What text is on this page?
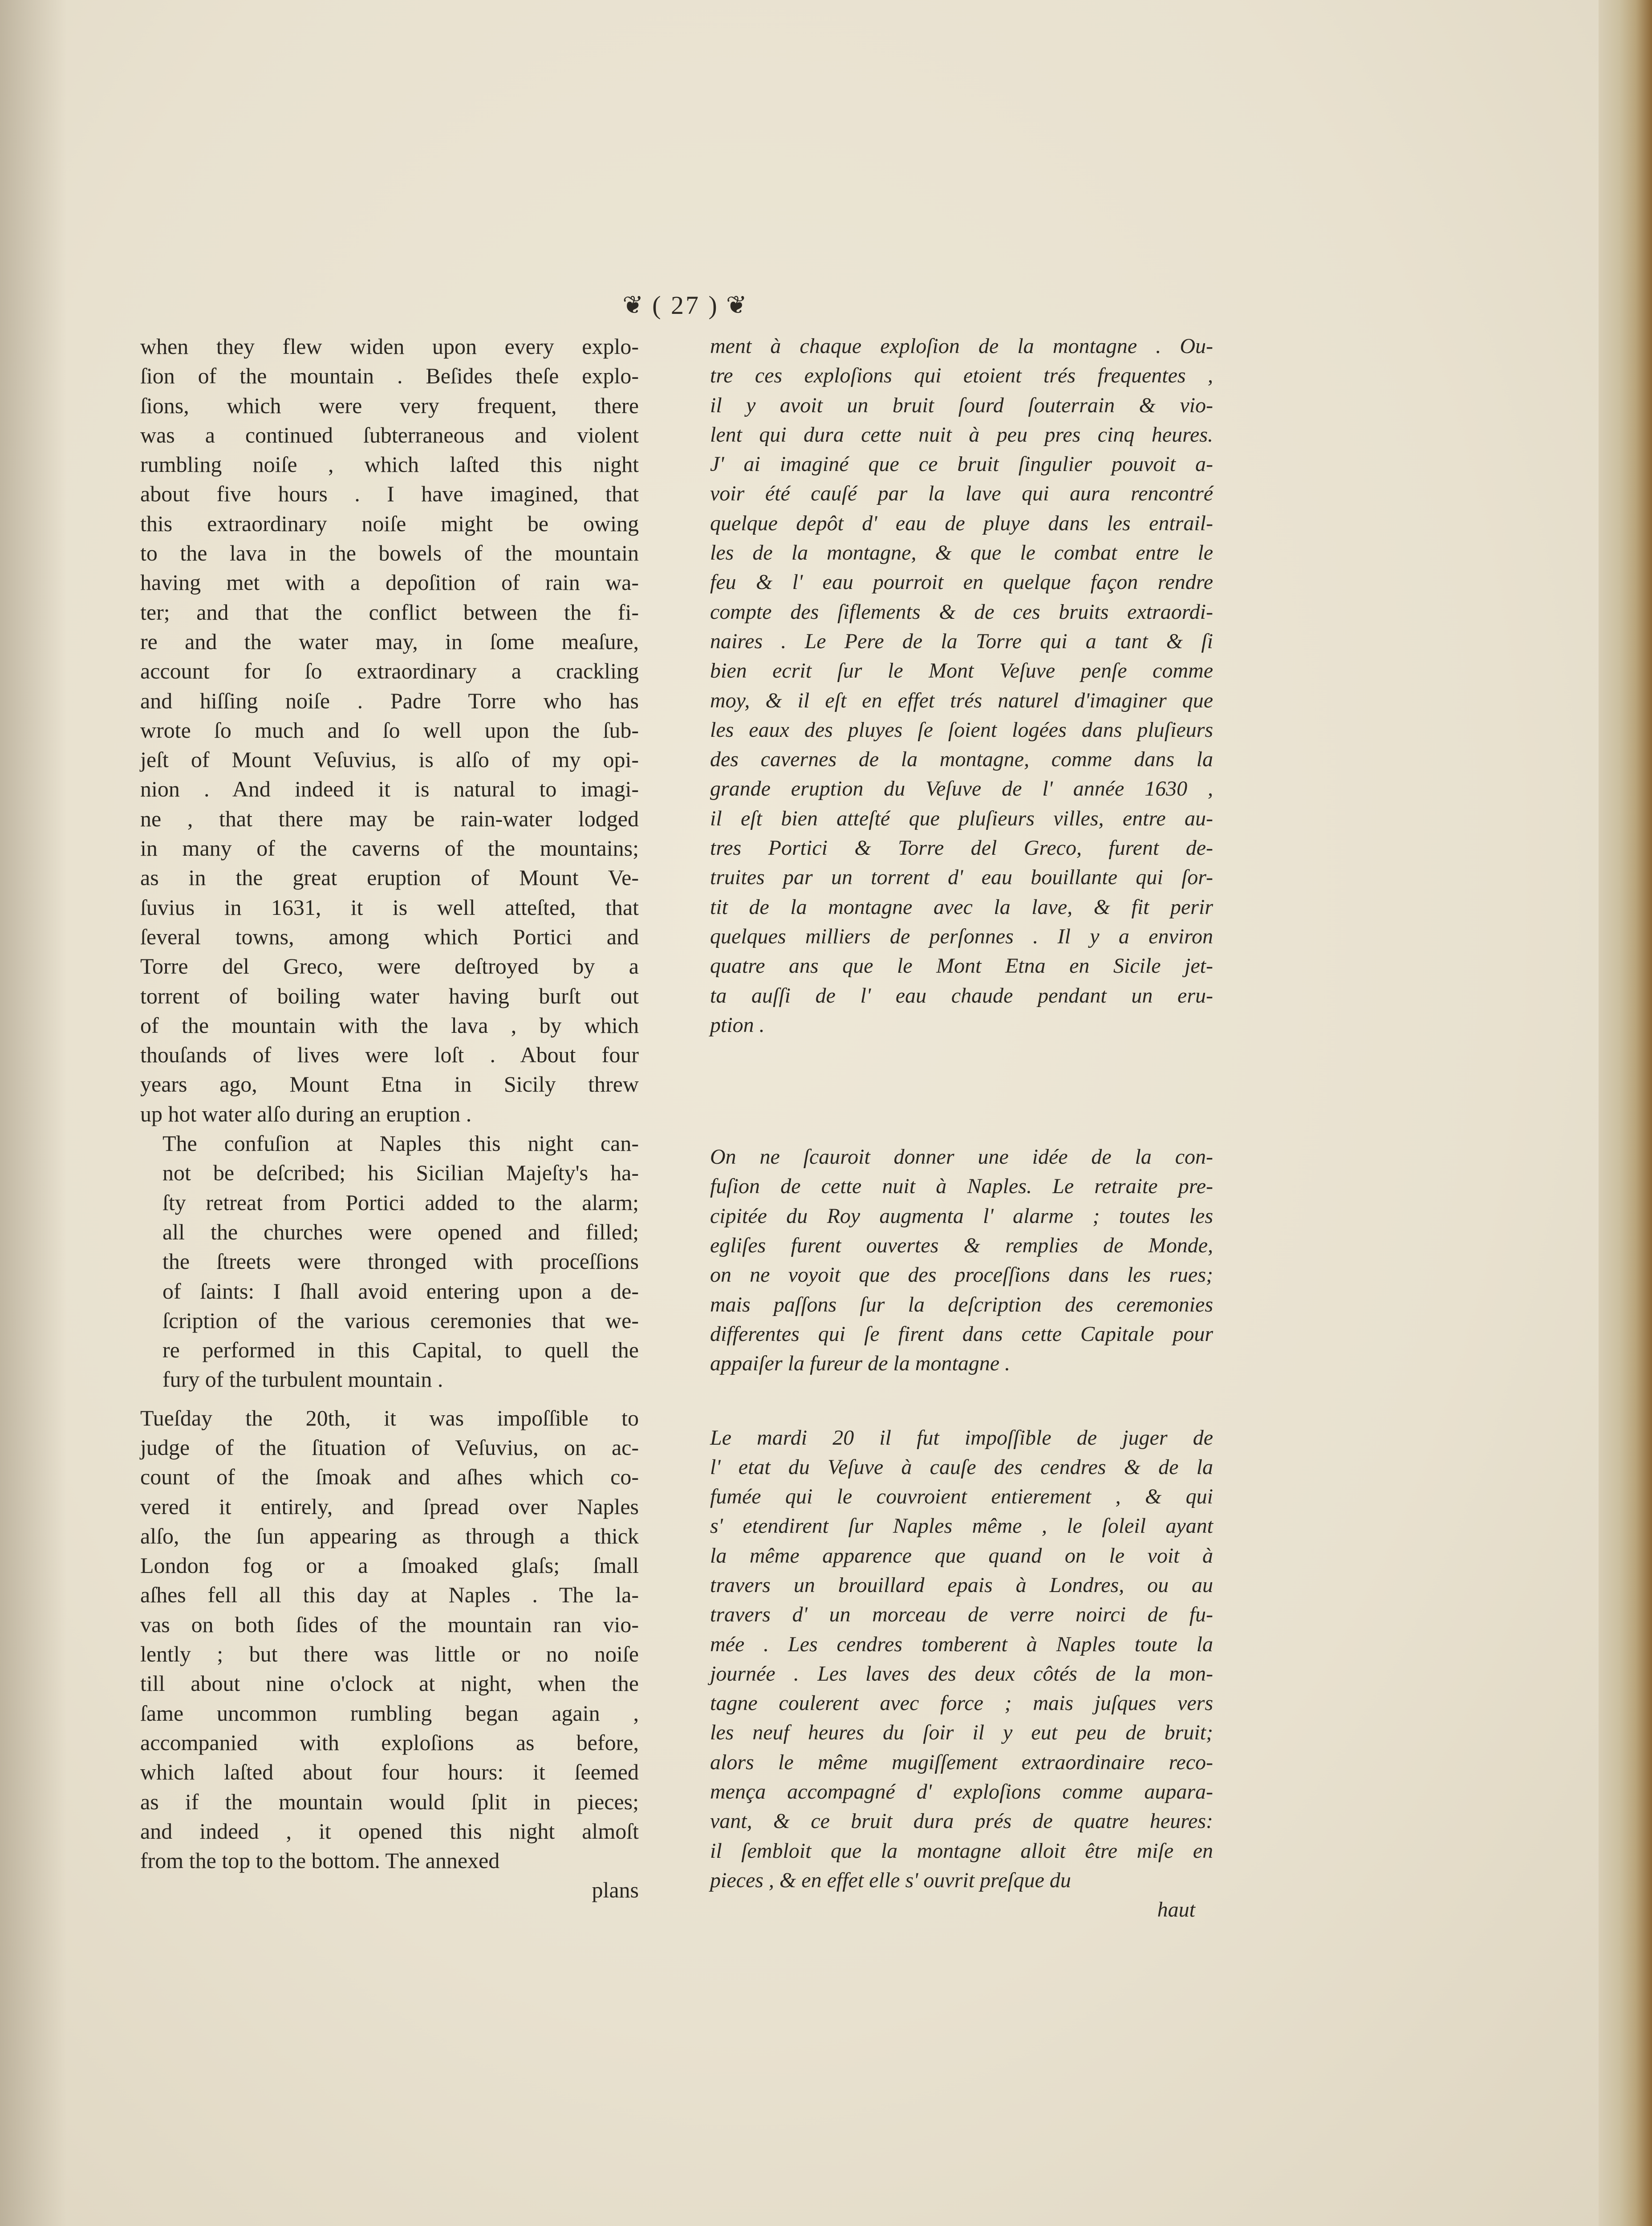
❦ ( 27 ) ❦
when they flew widen upon every explo-
ſion of the mountain . Beſides theſe explo-
ſions, which were very frequent, there
was a continued ſubterraneous and violent
rumbling noiſe , which laſted this night
about five hours . I have imagined, that
this extraordinary noiſe might be owing
to the lava in the bowels of the mountain
having met with a depoſition of rain wa-
ter; and that the conflict between the fi-
re and the water may, in ſome meaſure,
account for ſo extraordinary a crackling
and hiſſing noiſe . Padre Torre who has
wrote ſo much and ſo well upon the ſub-
jeſt of Mount Veſuvius, is alſo of my opi-
nion . And indeed it is natural to imagi-
ne , that there may be rain-water lodged
in many of the caverns of the mountains;
as in the great eruption of Mount Ve-
ſuvius in 1631, it is well atteſted, that
ſeveral towns, among which Portici and
Torre del Greco, were deſtroyed by a
torrent of boiling water having burſt out
of the mountain with the lava , by which
thouſands of lives were loſt . About four
years ago, Mount Etna in Sicily threw
up hot water alſo during an eruption .
The confuſion at Naples this night can-
not be deſcribed; his Sicilian Majeſty's ha-
ſty retreat from Portici added to the alarm;
all the churches were opened and filled;
the ſtreets were thronged with proceſſions
of ſaints: I ſhall avoid entering upon a de-
ſcription of the various ceremonies that we-
re performed in this Capital, to quell the
fury of the turbulent mountain .
Tueſday the 20th, it was impoſſible to
judge of the ſituation of Veſuvius, on ac-
count of the ſmoak and aſhes which co-
vered it entirely, and ſpread over Naples
alſo, the ſun appearing as through a thick
London fog or a ſmoaked glaſs; ſmall
aſhes fell all this day at Naples . The la-
vas on both ſides of the mountain ran vio-
lently ; but there was little or no noiſe
till about nine o'clock at night, when the
ſame uncommon rumbling began again ,
accompanied with exploſions as before,
which laſted about four hours: it ſeemed
as if the mountain would ſplit in pieces;
and indeed , it opened this night almoſt
from the top to the bottom. The annexed
plans
ment à chaque exploſion de la montagne . Ou-
tre ces exploſions qui etoient trés frequentes ,
il y avoit un bruit ſourd ſouterrain & vio-
lent qui dura cette nuit à peu pres cinq heures.
J' ai imaginé que ce bruit ſingulier pouvoit a-
voir été cauſé par la lave qui aura rencontré
quelque depôt d' eau de pluye dans les entrail-
les de la montagne, & que le combat entre le
feu & l' eau pourroit en quelque façon rendre
compte des ſiflements & de ces bruits extraordi-
naires . Le Pere de la Torre qui a tant & ſi
bien ecrit ſur le Mont Veſuve penſe comme
moy, & il eſt en effet trés naturel d'imaginer que
les eaux des pluyes ſe ſoient logées dans pluſieurs
des cavernes de la montagne, comme dans la
grande eruption du Veſuve de l' année 1630 ,
il eſt bien atteſté que pluſieurs villes, entre au-
tres Portici & Torre del Greco, furent de-
truites par un torrent d' eau bouillante qui ſor-
tit de la montagne avec la lave, & fit perir
quelques milliers de perſonnes . Il y a environ
quatre ans que le Mont Etna en Sicile jet-
ta auſſi de l' eau chaude pendant un eru-
ption .
On ne ſcauroit donner une idée de la con-
fuſion de cette nuit à Naples. Le retraite pre-
cipitée du Roy augmenta l' alarme ; toutes les
egliſes furent ouvertes & remplies de Monde,
on ne voyoit que des proceſſions dans les rues;
mais paſſons ſur la deſcription des ceremonies
differentes qui ſe firent dans cette Capitale pour
appaiſer la fureur de la montagne .
Le mardi 20 il fut impoſſible de juger de
l' etat du Veſuve à cauſe des cendres & de la
fumée qui le couvroient entierement , & qui
s' etendirent ſur Naples même , le ſoleil ayant
la même apparence que quand on le voit à
travers un brouillard epais à Londres, ou au
travers d' un morceau de verre noirci de fu-
mée . Les cendres tomberent à Naples toute la
journée . Les laves des deux côtés de la mon-
tagne coulerent avec force ; mais juſques vers
les neuf heures du ſoir il y eut peu de bruit;
alors le même mugiſſement extraordinaire reco-
mença accompagné d' exploſions comme aupara-
vant, & ce bruit dura prés de quatre heures:
il ſembloit que la montagne alloit être miſe en
pieces , & en effet elle s' ouvrit preſque du
haut
